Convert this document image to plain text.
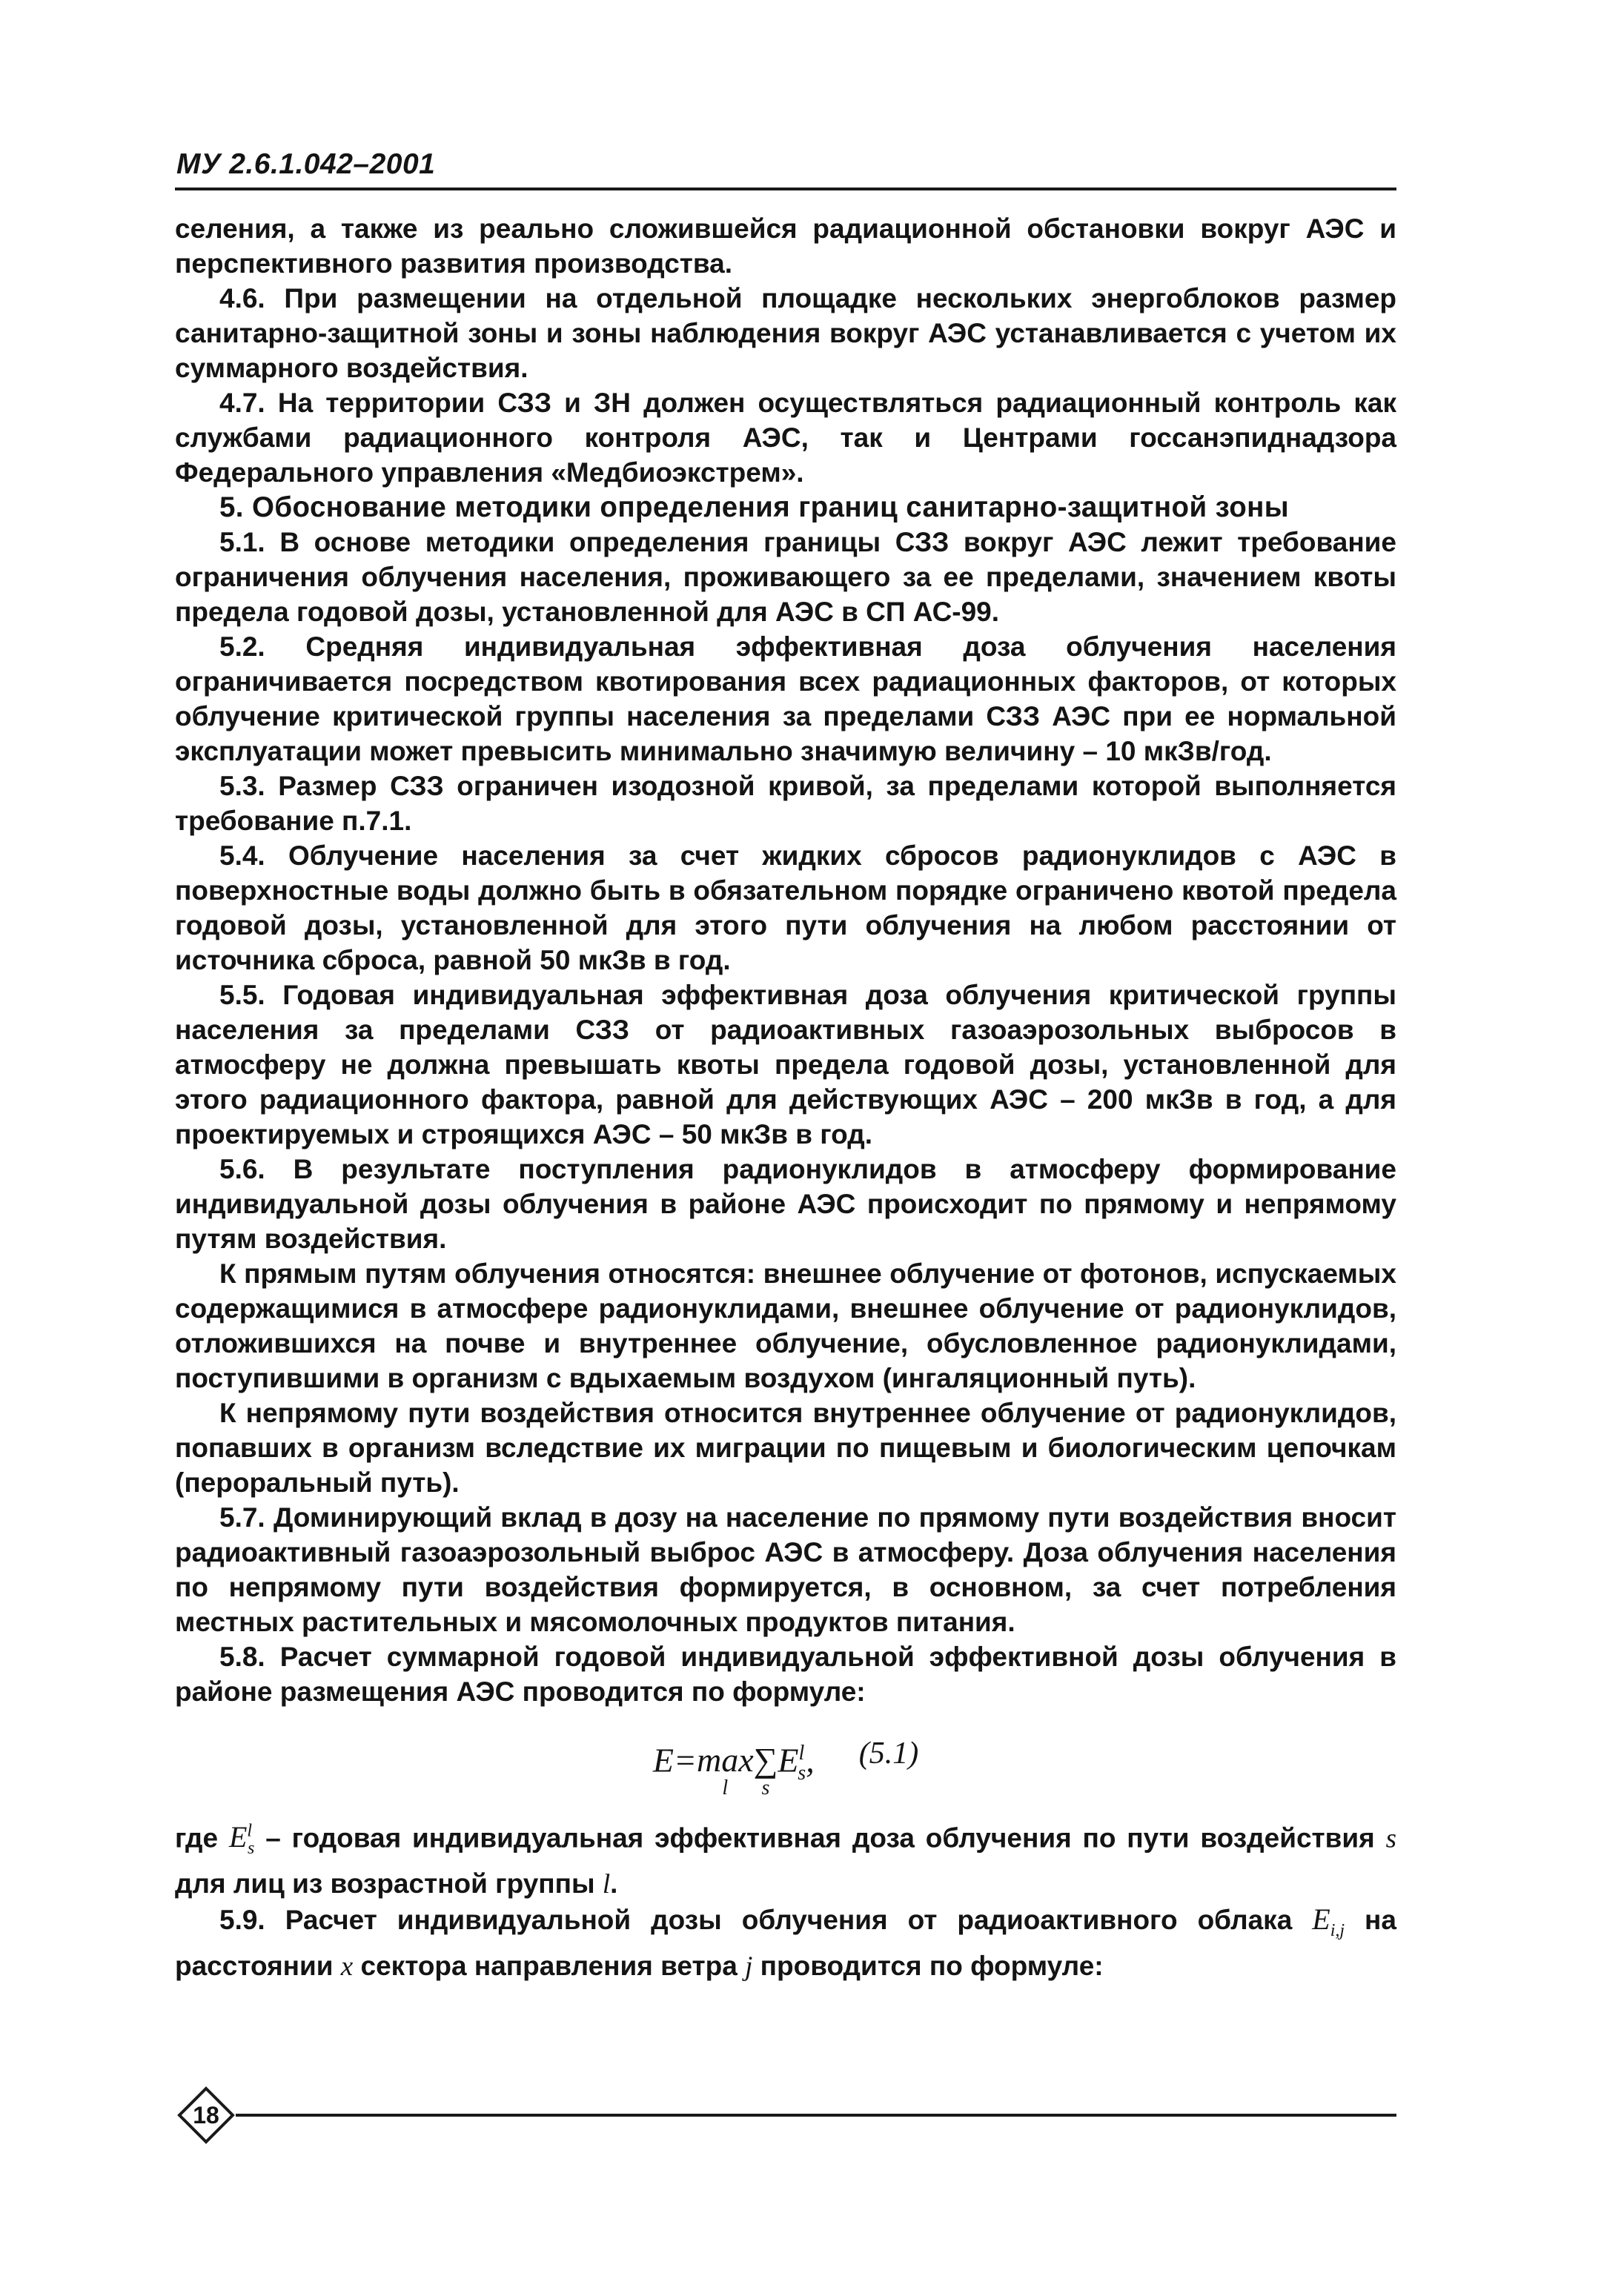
МУ 2.6.1.042–2001

селения, а также из реально сложившейся радиационной обстановки вокруг АЭС и перспективного развития производства.

4.6. При размещении на отдельной площадке нескольких энергоблоков размер санитарно-защитной зоны и зоны наблюдения вокруг АЭС устанавливается с учетом их суммарного воздействия.

4.7. На территории СЗЗ и ЗН должен осуществляться радиационный контроль как службами радиационного контроля АЭС, так и Центрами госсанэпиднадзора Федерального управления «Медбиоэкстрем».

5. Обоснование методики определения границ санитарно-защитной зоны

5.1. В основе методики определения границы СЗЗ вокруг АЭС лежит требование ограничения облучения населения, проживающего за ее пределами, значением квоты предела годовой дозы, установленной для АЭС в СП АС-99.

5.2. Средняя индивидуальная эффективная доза облучения населения ограничивается посредством квотирования всех радиационных факторов, от которых облучение критической группы населения за пределами СЗЗ АЭС при ее нормальной эксплуатации может превысить минимально значимую величину – 10 мкЗв/год.

5.3. Размер СЗЗ ограничен изодозной кривой, за пределами которой выполняется требование п.7.1.

5.4. Облучение населения за счет жидких сбросов радионуклидов с АЭС в поверхностные воды должно быть в обязательном порядке ограничено квотой предела годовой дозы, установленной для этого пути облучения на любом расстоянии от источника сброса, равной 50 мкЗв в год.

5.5. Годовая индивидуальная эффективная доза облучения критической группы населения за пределами СЗЗ от радиоактивных газоаэрозольных выбросов в атмосферу не должна превышать квоты предела годовой дозы, установленной для этого радиационного фактора, равной для действующих АЭС – 200 мкЗв в год, а для проектируемых и строящихся АЭС – 50 мкЗв в год.

5.6. В результате поступления радионуклидов в атмосферу формирование индивидуальной дозы облучения в районе АЭС происходит по прямому и непрямому путям воздействия.

К прямым путям облучения относятся: внешнее облучение от фотонов, испускаемых содержащимися в атмосфере радионуклидами, внешнее облучение от радионуклидов, отложившихся на почве и внутреннее облучение, обусловленное радионуклидами, поступившими в организм с вдыхаемым воздухом (ингаляционный путь).

К непрямому пути воздействия относится внутреннее облучение от радионуклидов, попавших в организм вследствие их миграции по пищевым и биологическим цепочкам (пероральный путь).

5.7. Доминирующий вклад в дозу на население по прямому пути воздействия вносит радиоактивный газоаэрозольный выброс АЭС в атмосферу. Доза облучения населения по непрямому пути воздействия формируется, в основном, за счет потребления местных растительных и мясомолочных продуктов питания.

5.8. Расчет суммарной годовой индивидуальной эффективной дозы облучения в районе размещения АЭС проводится по формуле:

E=max
l
∑
s
$E^l_s$, (5.1)

где $E^l_s$ – годовая индивидуальная эффективная доза облучения по пути воздействия s для лиц из возрастной группы l.

5.9. Расчет индивидуальной дозы облучения от радиоактивного облака $E_{i,j}$ на расстоянии x сектора направления ветра j проводится по формуле:

18
